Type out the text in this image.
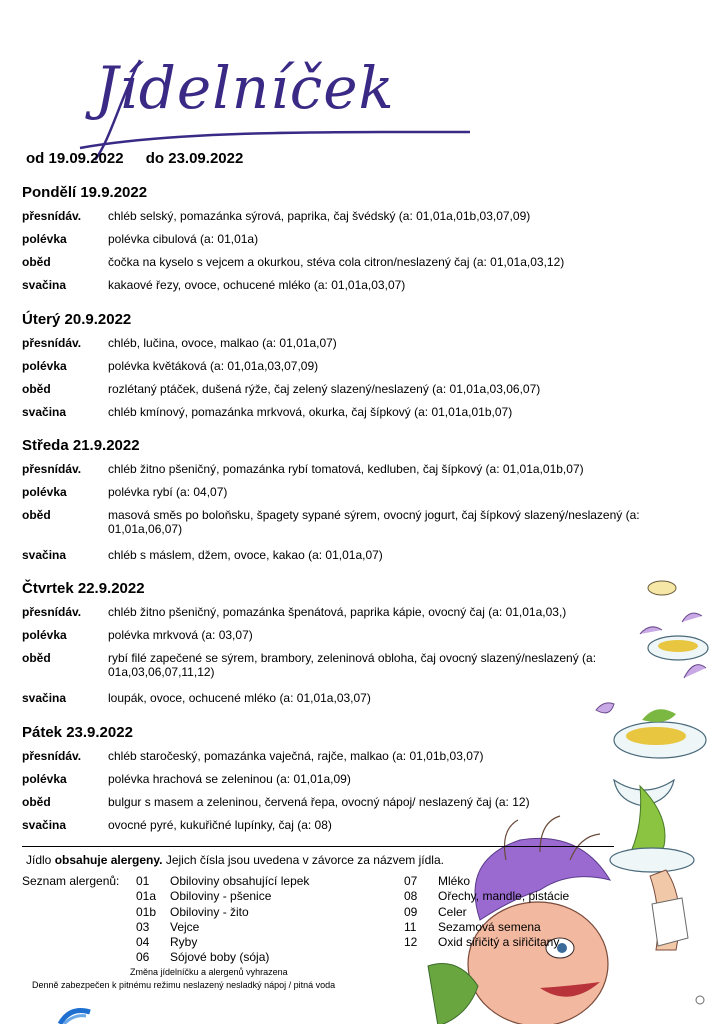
Jídelníček
od 19.09.2022 do 23.09.2022
Pondělí 19.9.2022
přesnídáv.	chléb selský, pomazánka sýrová, paprika, čaj švédský (a: 01,01a,01b,03,07,09)
polévka	polévka cibulová (a: 01,01a)
oběd	čočka na kyselo s vejcem a okurkou, stéva cola citron/neslazený čaj (a: 01,01a,03,12)
svačina	kakaové řezy, ovoce, ochucené mléko (a: 01,01a,03,07)
Úterý 20.9.2022
přesnídáv.	chléb, lučina, ovoce, malkao (a: 01,01a,07)
polévka	polévka květáková (a: 01,01a,03,07,09)
oběd	rozlétaný ptáček, dušená rýže, čaj zelený slazený/neslazený (a: 01,01a,03,06,07)
svačina	chléb kmínový, pomazánka mrkvová, okurka, čaj šípkový (a: 01,01a,01b,07)
Středa 21.9.2022
přesnídáv.	chléb žitno pšeničný, pomazánka rybí tomatová, kedluben, čaj šípkový (a: 01,01a,01b,07)
polévka	polévka rybí (a: 04,07)
oběd	masová směs po boloňsku, špagety sypané sýrem, ovocný jogurt, čaj šípkový slazený/neslazený (a: 01,01a,06,07)
svačina	chléb s máslem, džem, ovoce, kakao (a: 01,01a,07)
Čtvrtek 22.9.2022
přesnídáv.	chléb žitno pšeničný, pomazánka špenátová, paprika kápie, ovocný čaj (a: 01,01a,03,)
polévka	polévka mrkvová (a: 03,07)
oběd	rybí filé zapečené se sýrem, brambory, zeleninová obloha, čaj ovocný slazený/neslazený (a: 01a,03,06,07,11,12)
svačina	loupák, ovoce, ochucené mléko (a: 01,01a,03,07)
Pátek 23.9.2022
přesnídáv.	chléb staročeský, pomazánka vaječná, rajče, malkao (a: 01,01b,03,07)
polévka	polévka hrachová se zeleninou (a: 01,01a,09)
oběd	bulgur s masem a zeleninou, červená řepa, ovocný nápoj/ neslazený čaj (a: 12)
svačina	ovocné pyré, kukuřičné lupínky, čaj (a: 08)
Jídlo obsahuje alergeny. Jejich čísla jsou uvedena v závorce za názvem jídla.
Seznam alergenů: 01	Obiloviny obsahující lepek
01a	Obiloviny - pšenice
01b	Obiloviny - žito
03	Vejce
04	Ryby
06	Sójové boby (sója)
07	Mléko
08	Ořechy, mandle, pistácie
09	Celer
11	Sezamová semena
12	Oxid siřičitý a siřičitany
Změna jídelníčku a alergenů vyhrazena
Denně zabezpečen k pitnému režimu neslazený nesladký nápoj / pitná voda
